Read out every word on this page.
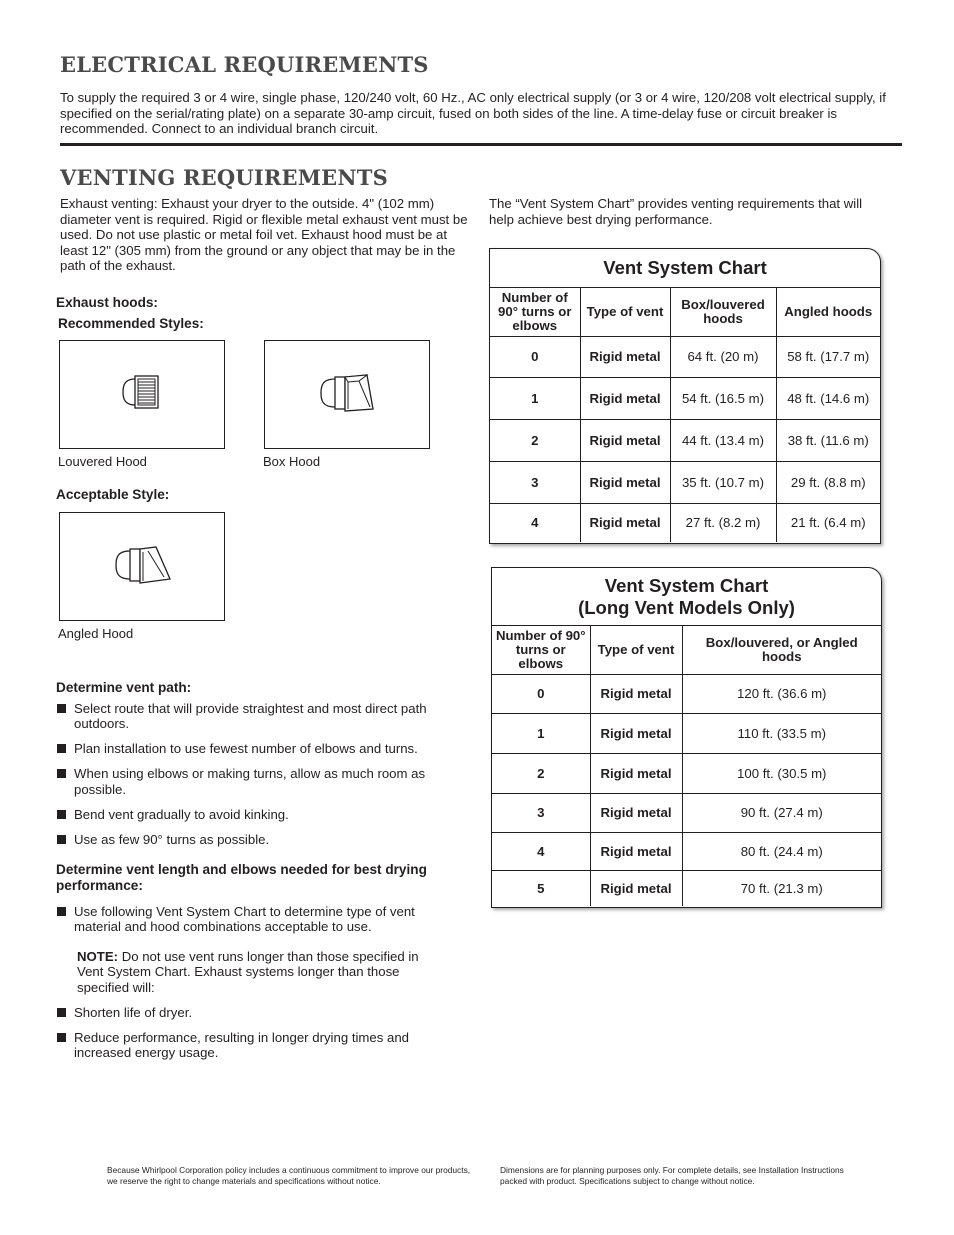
ELECTRICAL REQUIREMENTS

To supply the required 3 or 4 wire, single phase, 120/240 volt, 60 Hz., AC only electrical supply (or 3 or 4 wire, 120/208 volt electrical supply, if specified on the serial/rating plate) on a separate 30-amp circuit, fused on both sides of the line. A time-delay fuse or circuit breaker is recommended. Connect to an individual branch circuit.

VENTING REQUIREMENTS

Exhaust venting: Exhaust your dryer to the outside. 4" (102 mm) diameter vent is required. Rigid or flexible metal exhaust vent must be used. Do not use plastic or metal foil vet. Exhaust hood must be at least 12" (305 mm) from the ground or any object that may be in the path of the exhaust.

The “Vent System Chart” provides venting requirements that will help achieve best drying performance.

Exhaust hoods:

Recommended Styles:

Louvered Hood	Box Hood

Acceptable Style:

Angled Hood

Determine vent path:

Select route that will provide straightest and most direct path outdoors.
Plan installation to use fewest number of elbows and turns.
When using elbows or making turns, allow as much room as possible.
Bend vent gradually to avoid kinking.
Use as few 90° turns as possible.

Determine vent length and elbows needed for best drying performance:

Use following Vent System Chart to determine type of vent material and hood combinations acceptable to use.

NOTE: Do not use vent runs longer than those specified in Vent System Chart. Exhaust systems longer than those specified will:

Shorten life of dryer.
Reduce performance, resulting in longer drying times and increased energy usage.
Vent System Chart
Number of 90° turns or elbows	Type of vent	Box/louvered hoods	Angled hoods
0	Rigid metal	64 ft. (20 m)	58 ft. (17.7 m)
1	Rigid metal	54 ft. (16.5 m)	48 ft. (14.6 m)
2	Rigid metal	44 ft. (13.4 m)	38 ft. (11.6 m)
3	Rigid metal	35 ft. (10.7 m)	29 ft. (8.8 m)
4	Rigid metal	27 ft. (8.2 m)	21 ft. (6.4 m)
Vent System Chart
(Long Vent Models Only)
Number of 90° turns or elbows	Type of vent	Box/louvered, or Angled hoods
0	Rigid metal	120 ft. (36.6 m)
1	Rigid metal	110 ft. (33.5 m)
2	Rigid metal	100 ft. (30.5 m)
3	Rigid metal	90 ft. (27.4 m)
4	Rigid metal	80 ft. (24.4 m)
5	Rigid metal	70 ft. (21.3 m)

Because Whirlpool Corporation policy includes a continuous commitment to improve our products, we reserve the right to change materials and specifications without notice.

Dimensions are for planning purposes only. For complete details, see Installation Instructions packed with product. Specifications subject to change without notice.
